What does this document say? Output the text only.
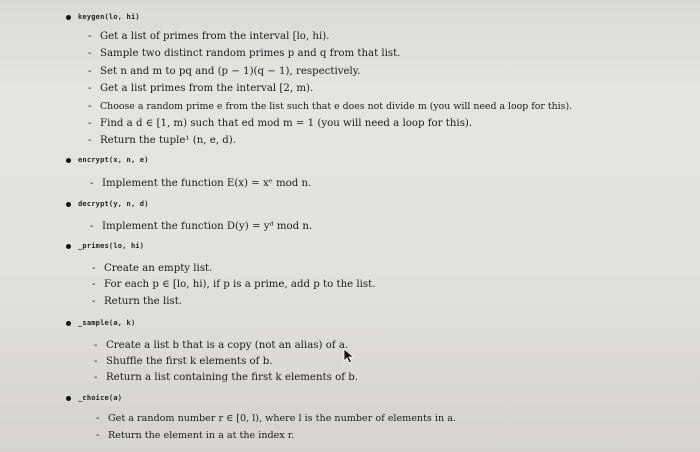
keygen(lo, hi)
- Get a list of primes from the interval [lo, hi).
- Sample two distinct random primes p and q from that list.
- Set n and m to pq and (p − 1)(q − 1), respectively.
- Get a list primes from the interval [2, m).
- Choose a random prime e from the list such that e does not divide m (you will need a loop for this).
- Find a d ∈ [1, m) such that ed mod m = 1 (you will need a loop for this).
- Return the tuple¹ (n, e, d).
encrypt(x, n, e)
- Implement the function E(x) = xᵉ mod n.
decrypt(y, n, d)
- Implement the function D(y) = yᵈ mod n.
_primes(lo, hi)
- Create an empty list.
- For each p ∈ [lo, hi), if p is a prime, add p to the list.
- Return the list.
_sample(a, k)
- Create a list b that is a copy (not an alias) of a.
- Shuffle the first k elements of b.
- Return a list containing the first k elements of b.
_choice(a)
- Get a random number r ∈ [0, l), where l is the number of elements in a.
- Return the element in a at the index r.
